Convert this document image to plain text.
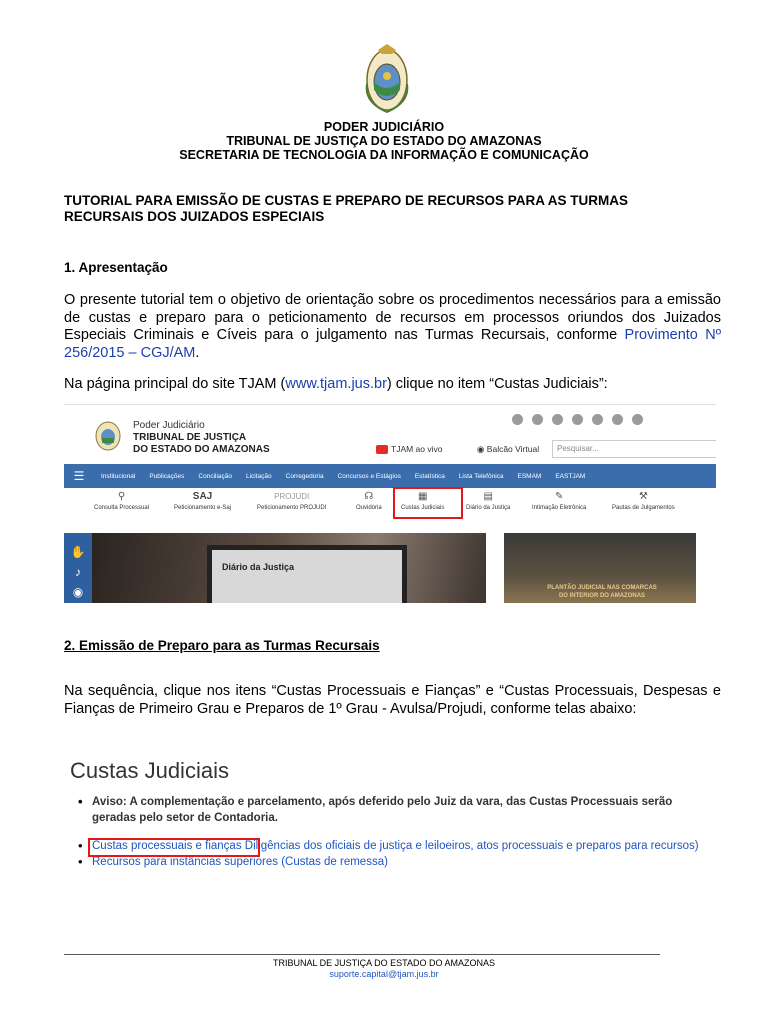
PODER JUDICIÁRIO
TRIBUNAL DE JUSTIÇA DO ESTADO DO AMAZONAS
SECRETARIA DE TECNOLOGIA DA INFORMAÇÃO E COMUNICAÇÃO
TUTORIAL PARA EMISSÃO DE CUSTAS E PREPARO DE RECURSOS PARA AS TURMAS
RECURSAIS DOS JUIZADOS ESPECIAIS
1. Apresentação
O presente tutorial tem o objetivo de orientação sobre os procedimentos necessários para a emissão de custas e preparo para o peticionamento de recursos em processos oriundos dos Juizados Especiais Criminais e Cíveis para o julgamento nas Turmas Recursais, conforme Provimento Nº 256/2015 – CGJ/AM.
Na página principal do site TJAM (www.tjam.jus.br) clique no item “Custas Judiciais”:
Poder Judiciário
TRIBUNAL DE JUSTIÇA
DO ESTADO DO AMAZONAS	TJAM ao vivo	◉ Balcão Virtual	Pesquisar...
☰	Institucional	Publicações	Conciliação	Licitação	Corregedoria	Concursos e Estágios	Estatística	Lista Telefônica	ESMAM	EASTJAM
⚲
Consulta Processual
SAJ
Peticionamento e-Saj
PROJUDI
Peticionamento PROJUDI
☊
Ouvidoria
▦
Custas Judiciais
▤
Diário da Justiça
✎
Intimação Eletrônica
⚒
Pautas de Julgamentos
✋
♪
◉
Diário da Justiça
PLANTÃO JUDICIAL NAS COMARCAS
DO INTERIOR DO AMAZONAS
2. Emissão de Preparo para as Turmas Recursais
Na sequência, clique nos itens “Custas Processuais e Fianças” e “Custas Processuais, Despesas e Fianças de Primeiro Grau e Preparos de 1º Grau - Avulsa/Projudi, conforme telas abaixo:
Custas Judiciais
• Aviso: A complementação e parcelamento, após deferido pelo Juiz da vara, das Custas Processuais serão geradas pelo setor de Contadoria.
• Custas processuais e fianças Diligências dos oficiais de justiça e leiloeiros, atos processuais e preparos para recursos)
• Recursos para instâncias superiores (Custas de remessa)
TRIBUNAL DE JUSTIÇA DO ESTADO DO AMAZONAS
suporte.capital@tjam.jus.br
